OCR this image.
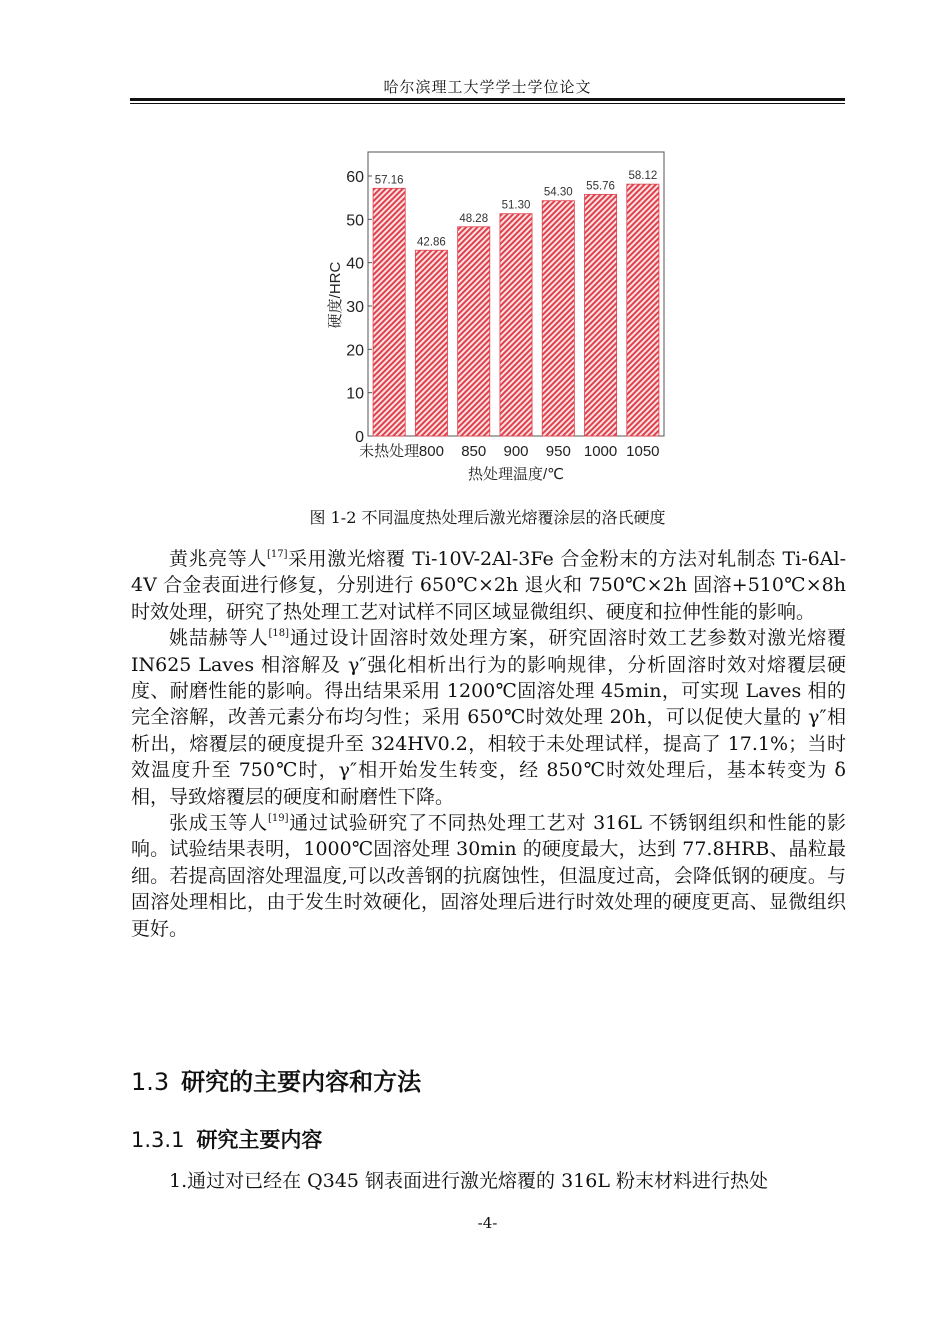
哈尔滨理工大学学士学位论文
57.16
42.86
48.28
51.30
54.30
55.76
58.12
0
10
20
30
40
50
60
未热处理 800 850 900 950 1000 1050
硬度/HRC
热处理温度/℃
图 1-2 不同温度热处理后激光熔覆涂层的洛氏硬度

黄兆亮等人[17]采用激光熔覆 Ti-10V-2Al-3Fe 合金粉末的方法对轧制态 Ti-6Al-4V 合金表面进行修复，分别进行 650℃×2h 退火和 750℃×2h 固溶+510℃×8h 时效处理，研究了热处理工艺对试样不同区域显微组织、硬度和拉伸性能的影响。

姚喆赫等人[18]通过设计固溶时效处理方案，研究固溶时效工艺参数对激光熔覆 IN625 Laves 相溶解及 γ″强化相析出行为的影响规律，分析固溶时效对熔覆层硬度、耐磨性能的影响。得出结果采用 1200℃固溶处理 45min，可实现 Laves 相的完全溶解，改善元素分布均匀性；采用 650℃时效处理 20h，可以促使大量的 γ″相析出，熔覆层的硬度提升至 324HV0.2，相较于未处理试样，提高了 17.1%；当时效温度升至 750℃时，γ″相开始发生转变，经 850℃时效处理后，基本转变为 δ 相，导致熔覆层的硬度和耐磨性下降。

张成玉等人[19]通过试验研究了不同热处理工艺对 316L 不锈钢组织和性能的影响。试验结果表明，1000℃固溶处理 30min 的硬度最大，达到 77.8HRB、晶粒最细。若提高固溶处理温度,可以改善钢的抗腐蚀性，但温度过高，会降低钢的硬度。与固溶处理相比，由于发生时效硬化，固溶处理后进行时效处理的硬度更高、显微组织更好。

1.3 研究的主要内容和方法
1.3.1 研究主要内容

1.通过对已经在 Q345 钢表面进行激光熔覆的 316L 粉末材料进行热处

-4-
